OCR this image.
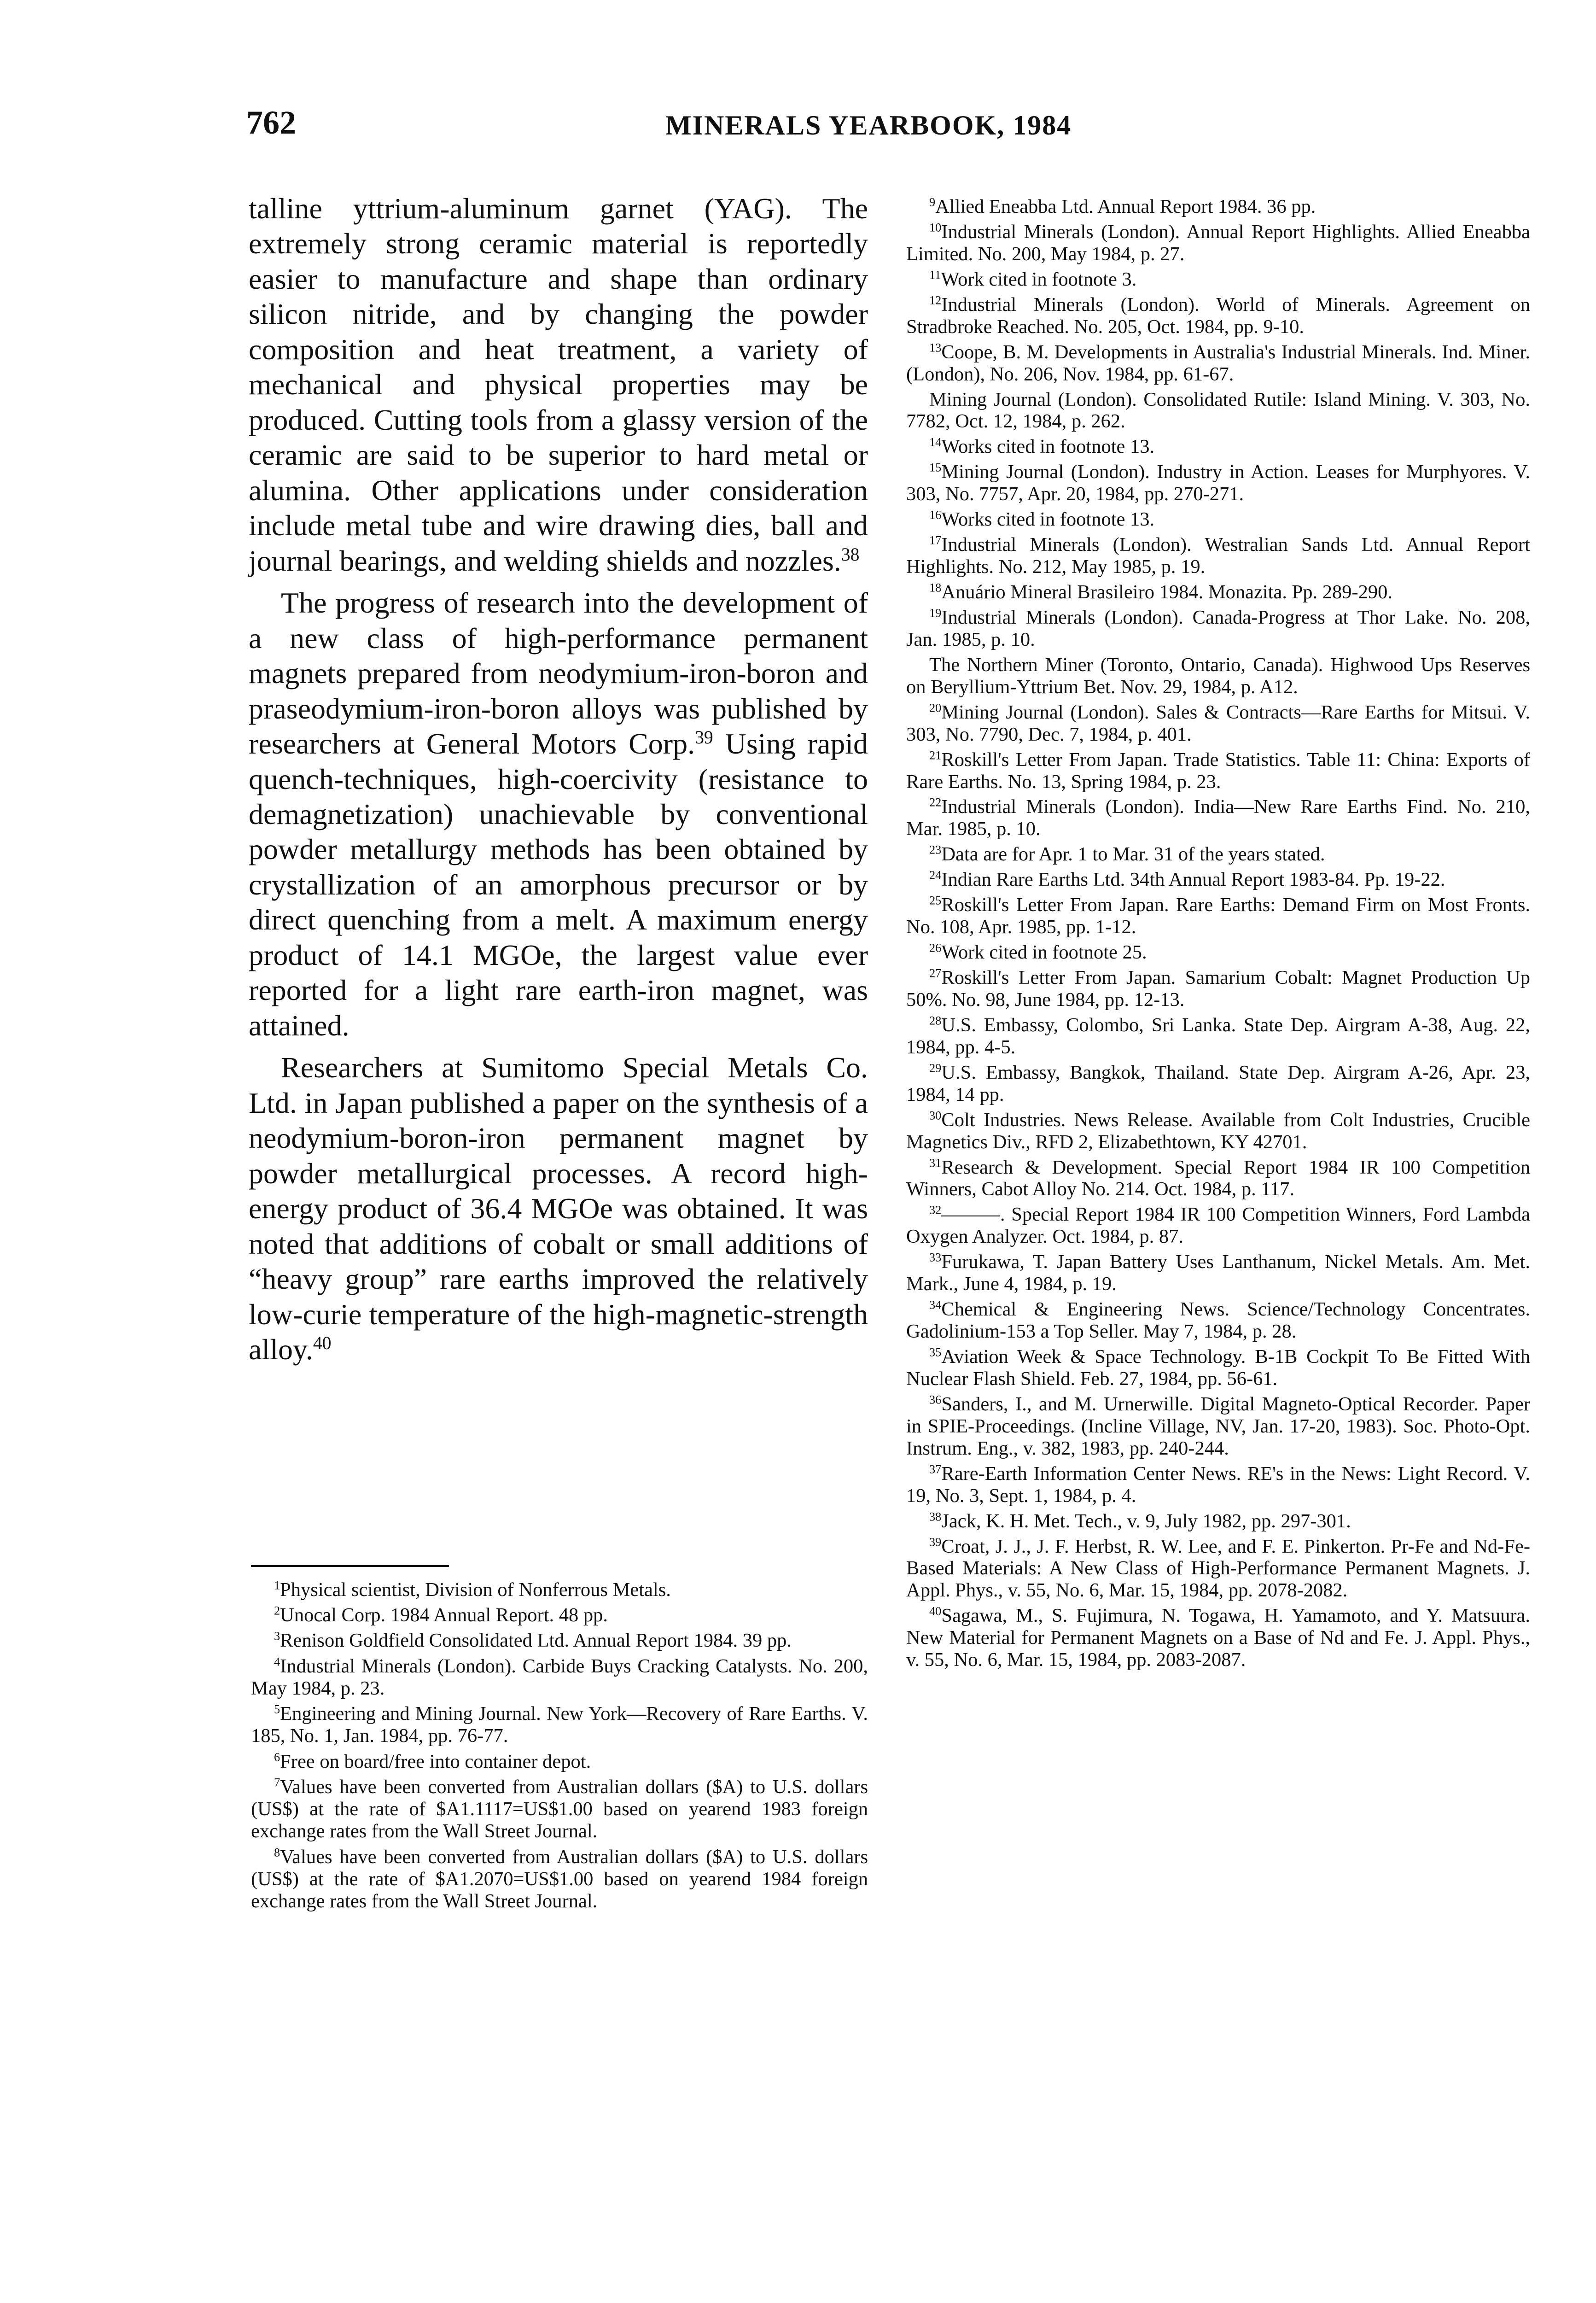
762	MINERALS YEARBOOK, 1984

talline yttrium-aluminum garnet (YAG). The extremely strong ceramic material is reportedly easier to manufacture and shape than ordinary silicon nitride, and by changing the powder composition and heat treatment, a variety of mechanical and physical properties may be produced. Cutting tools from a glassy version of the ceramic are said to be superior to hard metal or alumina. Other applications under consideration include metal tube and wire drawing dies, ball and journal bearings, and welding shields and nozzles.$^{38}$

The progress of research into the development of a new class of high-performance permanent magnets prepared from neodymium-iron-boron and praseodymium-iron-boron alloys was published by researchers at General Motors Corp.$^{39}$ Using rapid quench-techniques, high-coercivity (resistance to demagnetization) unachievable by conventional powder metallurgy methods has been obtained by crystallization of an amorphous precursor or by direct quenching from a melt. A maximum energy product of 14.1 MGOe, the largest value ever reported for a light rare earth-iron magnet, was attained.

Researchers at Sumitomo Special Metals Co. Ltd. in Japan published a paper on the synthesis of a neodymium-boron-iron permanent magnet by powder metallurgical processes. A record high-energy product of 36.4 MGOe was obtained. It was noted that additions of cobalt or small additions of “heavy group” rare earths improved the relatively low-curie temperature of the high-magnetic-strength alloy.$^{40}$

$^1$Physical scientist, Division of Nonferrous Metals.

$^2$Unocal Corp. 1984 Annual Report. 48 pp.

$^3$Renison Goldfield Consolidated Ltd. Annual Report 1984. 39 pp.

$^4$Industrial Minerals (London). Carbide Buys Cracking Catalysts. No. 200, May 1984, p. 23.

$^5$Engineering and Mining Journal. New York—Recovery of Rare Earths. V. 185, No. 1, Jan. 1984, pp. 76-77.

$^6$Free on board/free into container depot.

$^7$Values have been converted from Australian dollars ($A) to U.S. dollars (US$) at the rate of $A1.1117=US$1.00 based on yearend 1983 foreign exchange rates from the Wall Street Journal.

$^8$Values have been converted from Australian dollars ($A) to U.S. dollars (US$) at the rate of $A1.2070=US$1.00 based on yearend 1984 foreign exchange rates from the Wall Street Journal.

$^9$Allied Eneabba Ltd. Annual Report 1984. 36 pp.

$^{10}$Industrial Minerals (London). Annual Report Highlights. Allied Eneabba Limited. No. 200, May 1984, p. 27.

$^{11}$Work cited in footnote 3.

$^{12}$Industrial Minerals (London). World of Minerals. Agreement on Stradbroke Reached. No. 205, Oct. 1984, pp. 9-10.

$^{13}$Coope, B. M. Developments in Australia's Industrial Minerals. Ind. Miner. (London), No. 206, Nov. 1984, pp. 61-67.

Mining Journal (London). Consolidated Rutile: Island Mining. V. 303, No. 7782, Oct. 12, 1984, p. 262.

$^{14}$Works cited in footnote 13.

$^{15}$Mining Journal (London). Industry in Action. Leases for Murphyores. V. 303, No. 7757, Apr. 20, 1984, pp. 270-271.

$^{16}$Works cited in footnote 13.

$^{17}$Industrial Minerals (London). Westralian Sands Ltd. Annual Report Highlights. No. 212, May 1985, p. 19.

$^{18}$Anuário Mineral Brasileiro 1984. Monazita. Pp. 289-290.

$^{19}$Industrial Minerals (London). Canada-Progress at Thor Lake. No. 208, Jan. 1985, p. 10.

The Northern Miner (Toronto, Ontario, Canada). Highwood Ups Reserves on Beryllium-Yttrium Bet. Nov. 29, 1984, p. A12.

$^{20}$Mining Journal (London). Sales & Contracts—Rare Earths for Mitsui. V. 303, No. 7790, Dec. 7, 1984, p. 401.

$^{21}$Roskill's Letter From Japan. Trade Statistics. Table 11: China: Exports of Rare Earths. No. 13, Spring 1984, p. 23.

$^{22}$Industrial Minerals (London). India—New Rare Earths Find. No. 210, Mar. 1985, p. 10.

$^{23}$Data are for Apr. 1 to Mar. 31 of the years stated.

$^{24}$Indian Rare Earths Ltd. 34th Annual Report 1983-84. Pp. 19-22.

$^{25}$Roskill's Letter From Japan. Rare Earths: Demand Firm on Most Fronts. No. 108, Apr. 1985, pp. 1-12.

$^{26}$Work cited in footnote 25.

$^{27}$Roskill's Letter From Japan. Samarium Cobalt: Magnet Production Up 50%. No. 98, June 1984, pp. 12-13.

$^{28}$U.S. Embassy, Colombo, Sri Lanka. State Dep. Airgram A-38, Aug. 22, 1984, pp. 4-5.

$^{29}$U.S. Embassy, Bangkok, Thailand. State Dep. Airgram A-26, Apr. 23, 1984, 14 pp.

$^{30}$Colt Industries. News Release. Available from Colt Industries, Crucible Magnetics Div., RFD 2, Elizabethtown, KY 42701.

$^{31}$Research & Development. Special Report 1984 IR 100 Competition Winners, Cabot Alloy No. 214. Oct. 1984, p. 117.

$^{32}$———. Special Report 1984 IR 100 Competition Winners, Ford Lambda Oxygen Analyzer. Oct. 1984, p. 87.

$^{33}$Furukawa, T. Japan Battery Uses Lanthanum, Nickel Metals. Am. Met. Mark., June 4, 1984, p. 19.

$^{34}$Chemical & Engineering News. Science/Technology Concentrates. Gadolinium-153 a Top Seller. May 7, 1984, p. 28.

$^{35}$Aviation Week & Space Technology. B-1B Cockpit To Be Fitted With Nuclear Flash Shield. Feb. 27, 1984, pp. 56-61.

$^{36}$Sanders, I., and M. Urnerwille. Digital Magneto-Optical Recorder. Paper in SPIE-Proceedings. (Incline Village, NV, Jan. 17-20, 1983). Soc. Photo-Opt. Instrum. Eng., v. 382, 1983, pp. 240-244.

$^{37}$Rare-Earth Information Center News. RE's in the News: Light Record. V. 19, No. 3, Sept. 1, 1984, p. 4.

$^{38}$Jack, K. H. Met. Tech., v. 9, July 1982, pp. 297-301.

$^{39}$Croat, J. J., J. F. Herbst, R. W. Lee, and F. E. Pinkerton. Pr-Fe and Nd-Fe-Based Materials: A New Class of High-Performance Permanent Magnets. J. Appl. Phys., v. 55, No. 6, Mar. 15, 1984, pp. 2078-2082.

$^{40}$Sagawa, M., S. Fujimura, N. Togawa, H. Yamamoto, and Y. Matsuura. New Material for Permanent Magnets on a Base of Nd and Fe. J. Appl. Phys., v. 55, No. 6, Mar. 15, 1984, pp. 2083-2087.
